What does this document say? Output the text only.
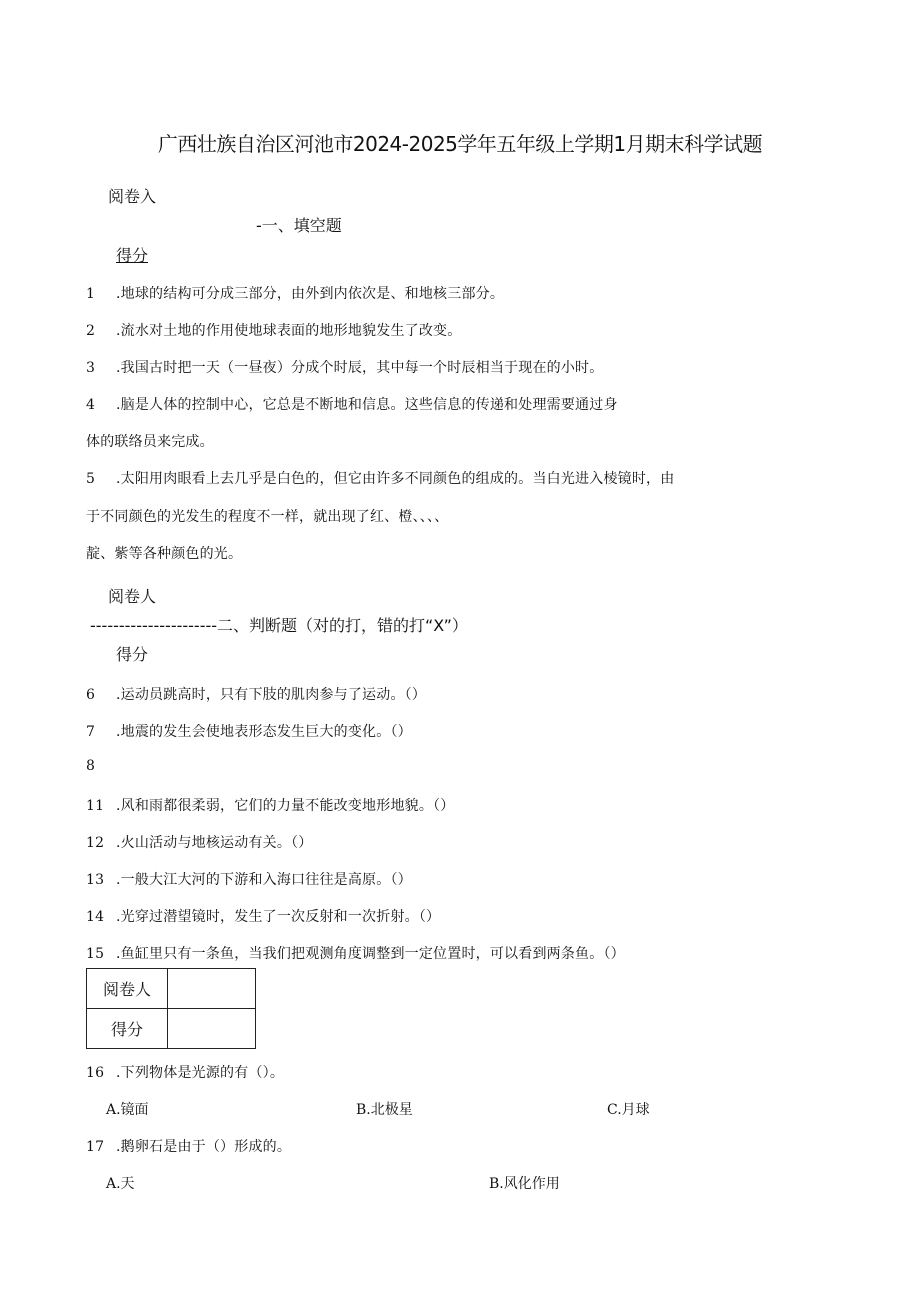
广西壮族自治区河池市2024-2025学年五年级上学期1月期末科学试题
阅卷入
-一、填空题
得分
1 .地球的结构可分成三部分，由外到内依次是、和地核三部分。
2 .流水对土地的作用使地球表面的地形地貌发生了改变。
3 .我国古时把一天（一昼夜）分成个时辰，其中每一个时辰相当于现在的小时。
4 .脑是人体的控制中心，它总是不断地和信息。这些信息的传递和处理需要通过身
体的联络员来完成。
5 .太阳用肉眼看上去几乎是白色的，但它由许多不同颜色的组成的。当白光进入棱镜时，由
于不同颜色的光发生的程度不一样，就出现了红、橙、、、、
靛、紫等各种颜色的光。
阅卷人
----------------------二、判断题（对的打，错的打“X”）
得分
6 .运动员跳高时，只有下肢的肌肉参与了运动。（）
7 .地震的发生会使地表形态发生巨大的变化。（）
8
11 .风和雨都很柔弱，它们的力量不能改变地形地貌。（）
12 .火山活动与地核运动有关。（）
13 .一般大江大河的下游和入海口往往是高原。（）
14 .光穿过潜望镜时，发生了一次反射和一次折射。（）
15 .鱼缸里只有一条鱼，当我们把观测角度调整到一定位置时，可以看到两条鱼。（）
阅卷人	
得分	
16 .下列物体是光源的有（）。
A.镜面	B.北极星	C.月球
17 .鹅卵石是由于（）形成的。
A.天	B.风化作用
